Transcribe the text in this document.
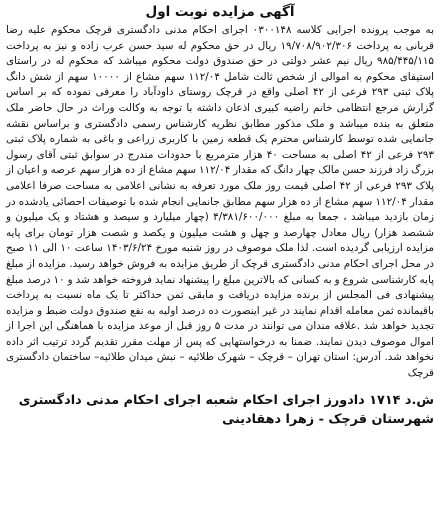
آگهی مزایده نوبت اول

به موجب پرونده اجرایی کلاسه ۰۳۰۰۱۴۸ اجرای احکام مدنی دادگستری قرچک محکوم علیه رضا قربانی به پرداخت ۱۹/۷۰۸/۹۰۲/۳۰۶ ریال در حق محکوم له سید حسن عرب زاده و نیز به پرداخت ۹۸۵/۴۴۵/۱۱۵ ریال نیم عشر دولتی در حق صندوق دولت محکوم میباشد که محکوم له در راستای استیفای محکوم به اموالی از شخص ثالث شامل ۱۱۲/۰۴ سهم مشاع از ۱۰۰۰۰ سهم از شش دانگ پلاک ثبتی ۲۹۳ فرعی از ۴۲ اصلی واقع در قرچک روستای داودآباد را معرفی نموده که بر اساس گزارش مرجع انتظامی خانم راضیه کبیری اذعان داشته با توجه به وکالت وراث در حال حاضر ملک متعلق به بنده میباشد و ملک مذکور مطابق نظریه کارشناس رسمی دادگستری و براساس نقشه جانمایی شده توسط کارشناس محترم یک قطعه زمین با کاربری زراعی و باغی به شماره پلاک ثبتی ۲۹۳ فرعی از ۴۲ اصلی به مساحت ۴۰ هزار مترمربع با حدودات مندرج در سوابق ثبتی آقای رسول بزرگ زاد فرزند حسن مالک چهار دانگ که مقدار ۱۱۲/۰۴ سهم مشاع از ده هزار سهم عرصه و اعیان از پلاک ۲۹۳ فرعی از ۴۲ اصلی قیمت روز ملک مورد تعرفه به نشانی اعلامی به مساحت صرفا اعلامی مقدار ۱۱۲/۰۴ سهم مشاع از ده هزار سهم مطابق جانمایی انجام شده با توصیفات احصائی یادشده در زمان بازدید میباشد ، جمعا به مبلغ ۴/۳۸۱/۶۰۰/۰۰۰ (چهار میلیارد و سیصد و هشتاد و یک میلیون و ششصد هزار) ریال معادل چهارصد و چهل و هشت میلیون و یکصد و شصت هزار تومان برای پایه مزایده ارزیابی گردیده است. لذا ملک موصوف در روز شنبه مورخ ۱۴۰۳/۶/۲۴ ساعت ۱۰ الی ۱۱ صبح در محل اجرای احکام مدنی دادگستری قرچک از طریق مزایده به فروش خواهد رسید. مزایده از مبلغ پایه کارشناسی شروع و به کسانی که بالاترین مبلغ را پیشنهاد نماید فروخته خواهد شد و ۱۰ درصد مبلغ پیشنهادی فی المجلس از برنده مزایده دریافت و مابقی ثمن حداکثر تا یک ماه نسبت به پرداخت باقیمانده ثمن معامله اقدام نمایند در غیر اینصورت ده درصد اولیه به نفع صندوق دولت ضبط و مزایده تجدید خواهد شد .علاقه مندان می توانند در مدت ۵ روز قبل از موعد مزایده با هماهنگی این اجرا از اموال موصوف دیدن نمایند. ضمنا به درخواستهایی که پس از مهلت مقرر تقدیم گردد ترتیب اثر داده نخواهد شد. آدرس: استان تهران – قرچک – شهرک طلائیه – نبش میدان طلائیه– ساختمان دادگستری قرچک

ش.د ۱۷۱۴ دادورز اجرای احکام شعبه اجرای احکام مدنی دادگستری
شهرستان قرچک - زهرا دهقادینی
